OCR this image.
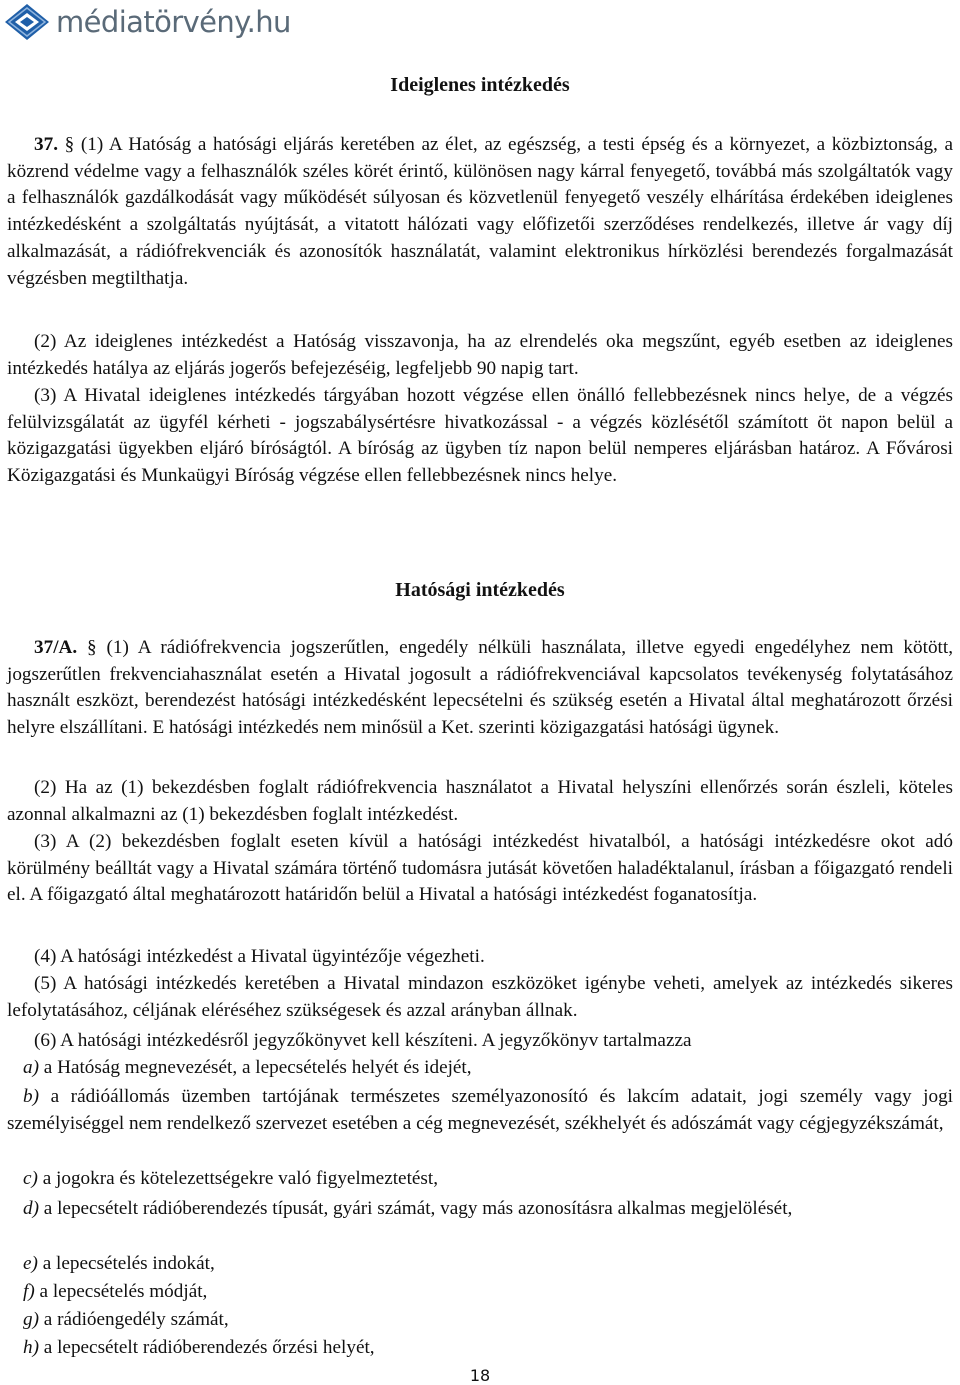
médiatörvény.hu
Ideiglenes intézkedés

37. § (1) A Hatóság a hatósági eljárás keretében az élet, az egészség, a testi épség és a környezet, a közbiztonság, a közrend védelme vagy a felhasználók széles körét érintő, különösen nagy kárral fenyegető, továbbá más szolgáltatók vagy a felhasználók gazdálkodását vagy működését súlyosan és közvetlenül fenyegető veszély elhárítása érdekében ideiglenes intézkedésként a szolgáltatás nyújtását, a vitatott hálózati vagy előfizetői szerződéses rendelkezés, illetve ár vagy díj alkalmazását, a rádiófrekvenciák és azonosítók használatát, valamint elektronikus hírközlési berendezés forgalmazását végzésben megtilthatja.

(2) Az ideiglenes intézkedést a Hatóság visszavonja, ha az elrendelés oka megszűnt, egyéb esetben az ideiglenes intézkedés hatálya az eljárás jogerős befejezéséig, legfeljebb 90 napig tart.

(3) A Hivatal ideiglenes intézkedés tárgyában hozott végzése ellen önálló fellebbezésnek nincs helye, de a végzés felülvizsgálatát az ügyfél kérheti - jogszabálysértésre hivatkozással - a végzés közlésétől számított öt napon belül a közigazgatási ügyekben eljáró bíróságtól. A bíróság az ügyben tíz napon belül nemperes eljárásban határoz. A Fővárosi Közigazgatási és Munkaügyi Bíróság végzése ellen fellebbezésnek nincs helye.

Hatósági intézkedés

37/A. § (1) A rádiófrekvencia jogszerűtlen, engedély nélküli használata, illetve egyedi engedélyhez nem kötött, jogszerűtlen frekvenciahasználat esetén a Hivatal jogosult a rádiófrekvenciával kapcsolatos tevékenység folytatásához használt eszközt, berendezést hatósági intézkedésként lepecsételni és szükség esetén a Hivatal által meghatározott őrzési helyre elszállítani. E hatósági intézkedés nem minősül a Ket. szerinti közigazgatási hatósági ügynek.

(2) Ha az (1) bekezdésben foglalt rádiófrekvencia használatot a Hivatal helyszíni ellenőrzés során észleli, köteles azonnal alkalmazni az (1) bekezdésben foglalt intézkedést.

(3) A (2) bekezdésben foglalt eseten kívül a hatósági intézkedést hivatalból, a hatósági intézkedésre okot adó körülmény beálltát vagy a Hivatal számára történő tudomásra jutását követően haladéktalanul, írásban a főigazgató rendeli el. A főigazgató által meghatározott határidőn belül a Hivatal a hatósági intézkedést foganatosítja.

(4) A hatósági intézkedést a Hivatal ügyintézője végezheti.

(5) A hatósági intézkedés keretében a Hivatal mindazon eszközöket igénybe veheti, amelyek az intézkedés sikeres lefolytatásához, céljának eléréséhez szükségesek és azzal arányban állnak.

(6) A hatósági intézkedésről jegyzőkönyvet kell készíteni. A jegyzőkönyv tartalmazza

a) a Hatóság megnevezését, a lepecsételés helyét és idejét,

b) a rádióállomás üzemben tartójának természetes személyazonosító és lakcím adatait, jogi személy vagy jogi személyiséggel nem rendelkező szervezet esetében a cég megnevezését, székhelyét és adószámát vagy cégjegyzékszámát,

c) a jogokra és kötelezettségekre való figyelmeztetést,

d) a lepecsételt rádióberendezés típusát, gyári számát, vagy más azonosításra alkalmas megjelölését,

e) a lepecsételés indokát,

f) a lepecsételés módját,

g) a rádióengedély számát,

h) a lepecsételt rádióberendezés őrzési helyét,

18
